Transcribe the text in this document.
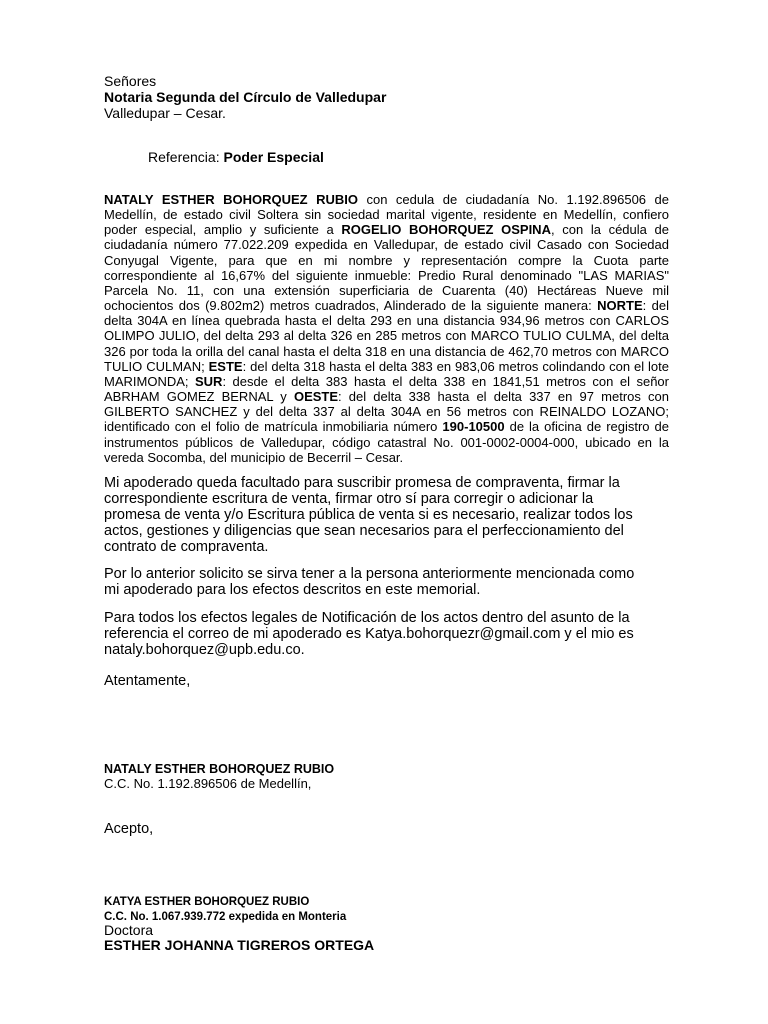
Señores
Notaria Segunda del Círculo de Valledupar
Valledupar – Cesar.
Referencia: Poder Especial
NATALY ESTHER BOHORQUEZ RUBIO con cedula de ciudadanía No. 1.192.896506 de Medellín, de estado civil Soltera sin sociedad marital vigente, residente en Medellín, confiero poder especial, amplio y suficiente a ROGELIO BOHORQUEZ OSPINA, con la cédula de ciudadanía número 77.022.209 expedida en Valledupar, de estado civil Casado con Sociedad Conyugal Vigente, para que en mi nombre y representación compre la Cuota parte correspondiente al 16,67% del siguiente inmueble: Predio Rural denominado "LAS MARIAS" Parcela No. 11, con una extensión superficiaria de Cuarenta (40) Hectáreas Nueve mil ochocientos dos (9.802m2) metros cuadrados, Alinderado de la siguiente manera: NORTE: del delta 304A en línea quebrada hasta el delta 293 en una distancia 934,96 metros con CARLOS OLIMPO JULIO, del delta 293 al delta 326 en 285 metros con MARCO TULIO CULMA, del delta 326 por toda la orilla del canal hasta el delta 318 en una distancia de 462,70 metros con MARCO TULIO CULMAN; ESTE: del delta 318 hasta el delta 383 en 983,06 metros colindando con el lote MARIMONDA; SUR: desde el delta 383 hasta el delta 338 en 1841,51 metros con el señor ABRHAM GOMEZ BERNAL y OESTE: del delta 338 hasta el delta 337 en 97 metros con GILBERTO SANCHEZ y del delta 337 al delta 304A en 56 metros con REINALDO LOZANO; identificado con el folio de matrícula inmobiliaria número 190-10500 de la oficina de registro de instrumentos públicos de Valledupar, código catastral No. 001-0002-0004-000, ubicado en la vereda Socomba, del municipio de Becerril – Cesar.
Mi apoderado queda facultado para suscribir promesa de compraventa, firmar la
correspondiente escritura de venta, firmar otro sí para corregir o adicionar la
promesa de venta y/o Escritura pública de venta si es necesario, realizar todos los
actos, gestiones y diligencias que sean necesarios para el perfeccionamiento del
contrato de compraventa.
Por lo anterior solicito se sirva tener a la persona anteriormente mencionada como
mi apoderado para los efectos descritos en este memorial.
Para todos los efectos legales de Notificación de los actos dentro del asunto de la
referencia el correo de mi apoderado es Katya.bohorquezr@gmail.com y el mio es
nataly.bohorquez@upb.edu.co.
Atentamente,
NATALY ESTHER BOHORQUEZ RUBIO
C.C. No. 1.192.896506 de Medellín,
Acepto,
KATYA ESTHER BOHORQUEZ RUBIO
C.C. No. 1.067.939.772 expedida en Monteria
Doctora
ESTHER JOHANNA TIGREROS ORTEGA
